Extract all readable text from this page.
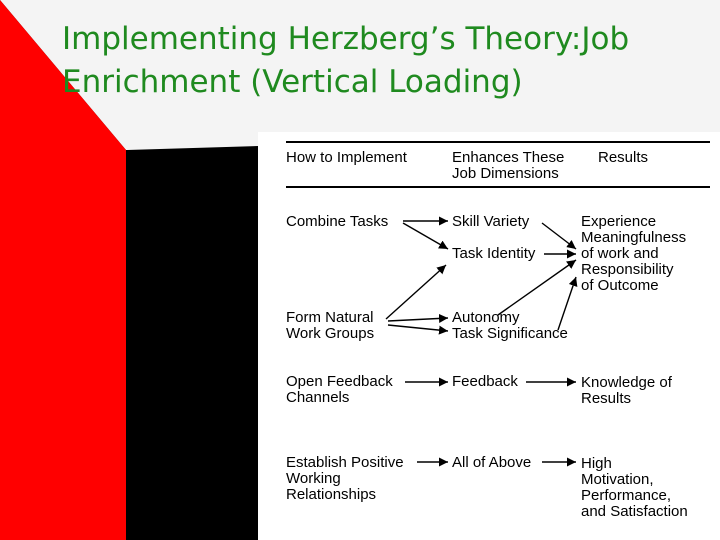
Implementing Herzberg’s Theory:Job
Enrichment (Vertical Loading)
How to Implement	Enhances These
Job Dimensions
Results
Combine Tasks
Form Natural
Work Groups
Open Feedback
Channels
Establish Positive
Working
Relationships
Skill Variety
Task Identity
Autonomy
Task Significance
Feedback
All of Above
Experience
Meaningfulness
of work and
Responsibility
of Outcome
Knowledge of
Results
High
Motivation,
Performance,
and Satisfaction
